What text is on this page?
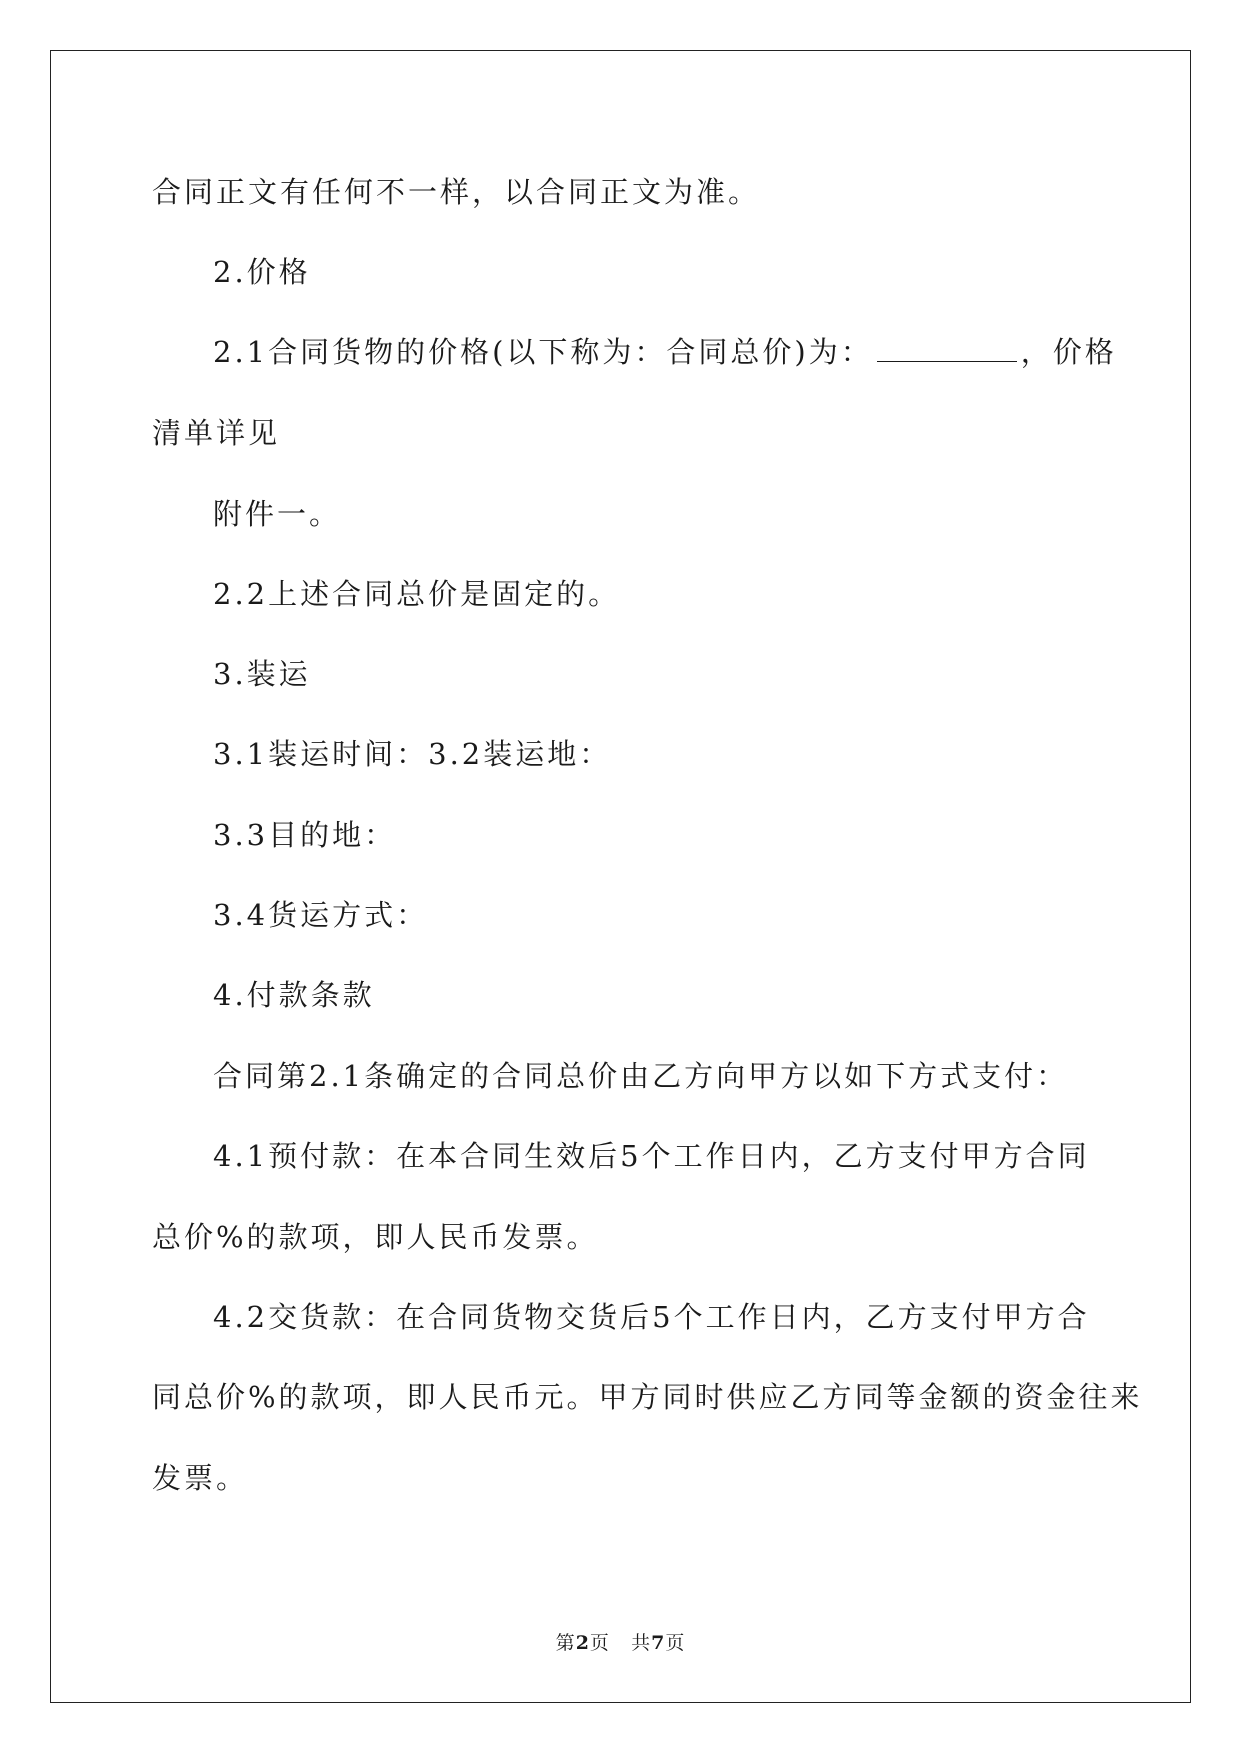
合同正文有任何不一样，以合同正文为准。
2.价格
2.1合同货物的价格(以下称为：合同总价)为：	，价格
清单详见
附件一。
2.2上述合同总价是固定的。
3.装运
3.1装运时间：3.2装运地：
3.3目的地：
3.4货运方式：
4.付款条款
合同第2.1条确定的合同总价由乙方向甲方以如下方式支付：
4.1预付款：在本合同生效后5个工作日内，乙方支付甲方合同
总价%的款项，即人民币发票。
4.2交货款：在合同货物交货后5个工作日内，乙方支付甲方合
同总价%的款项，即人民币元。甲方同时供应乙方同等金额的资金往来
发票。
第2页 共7页
